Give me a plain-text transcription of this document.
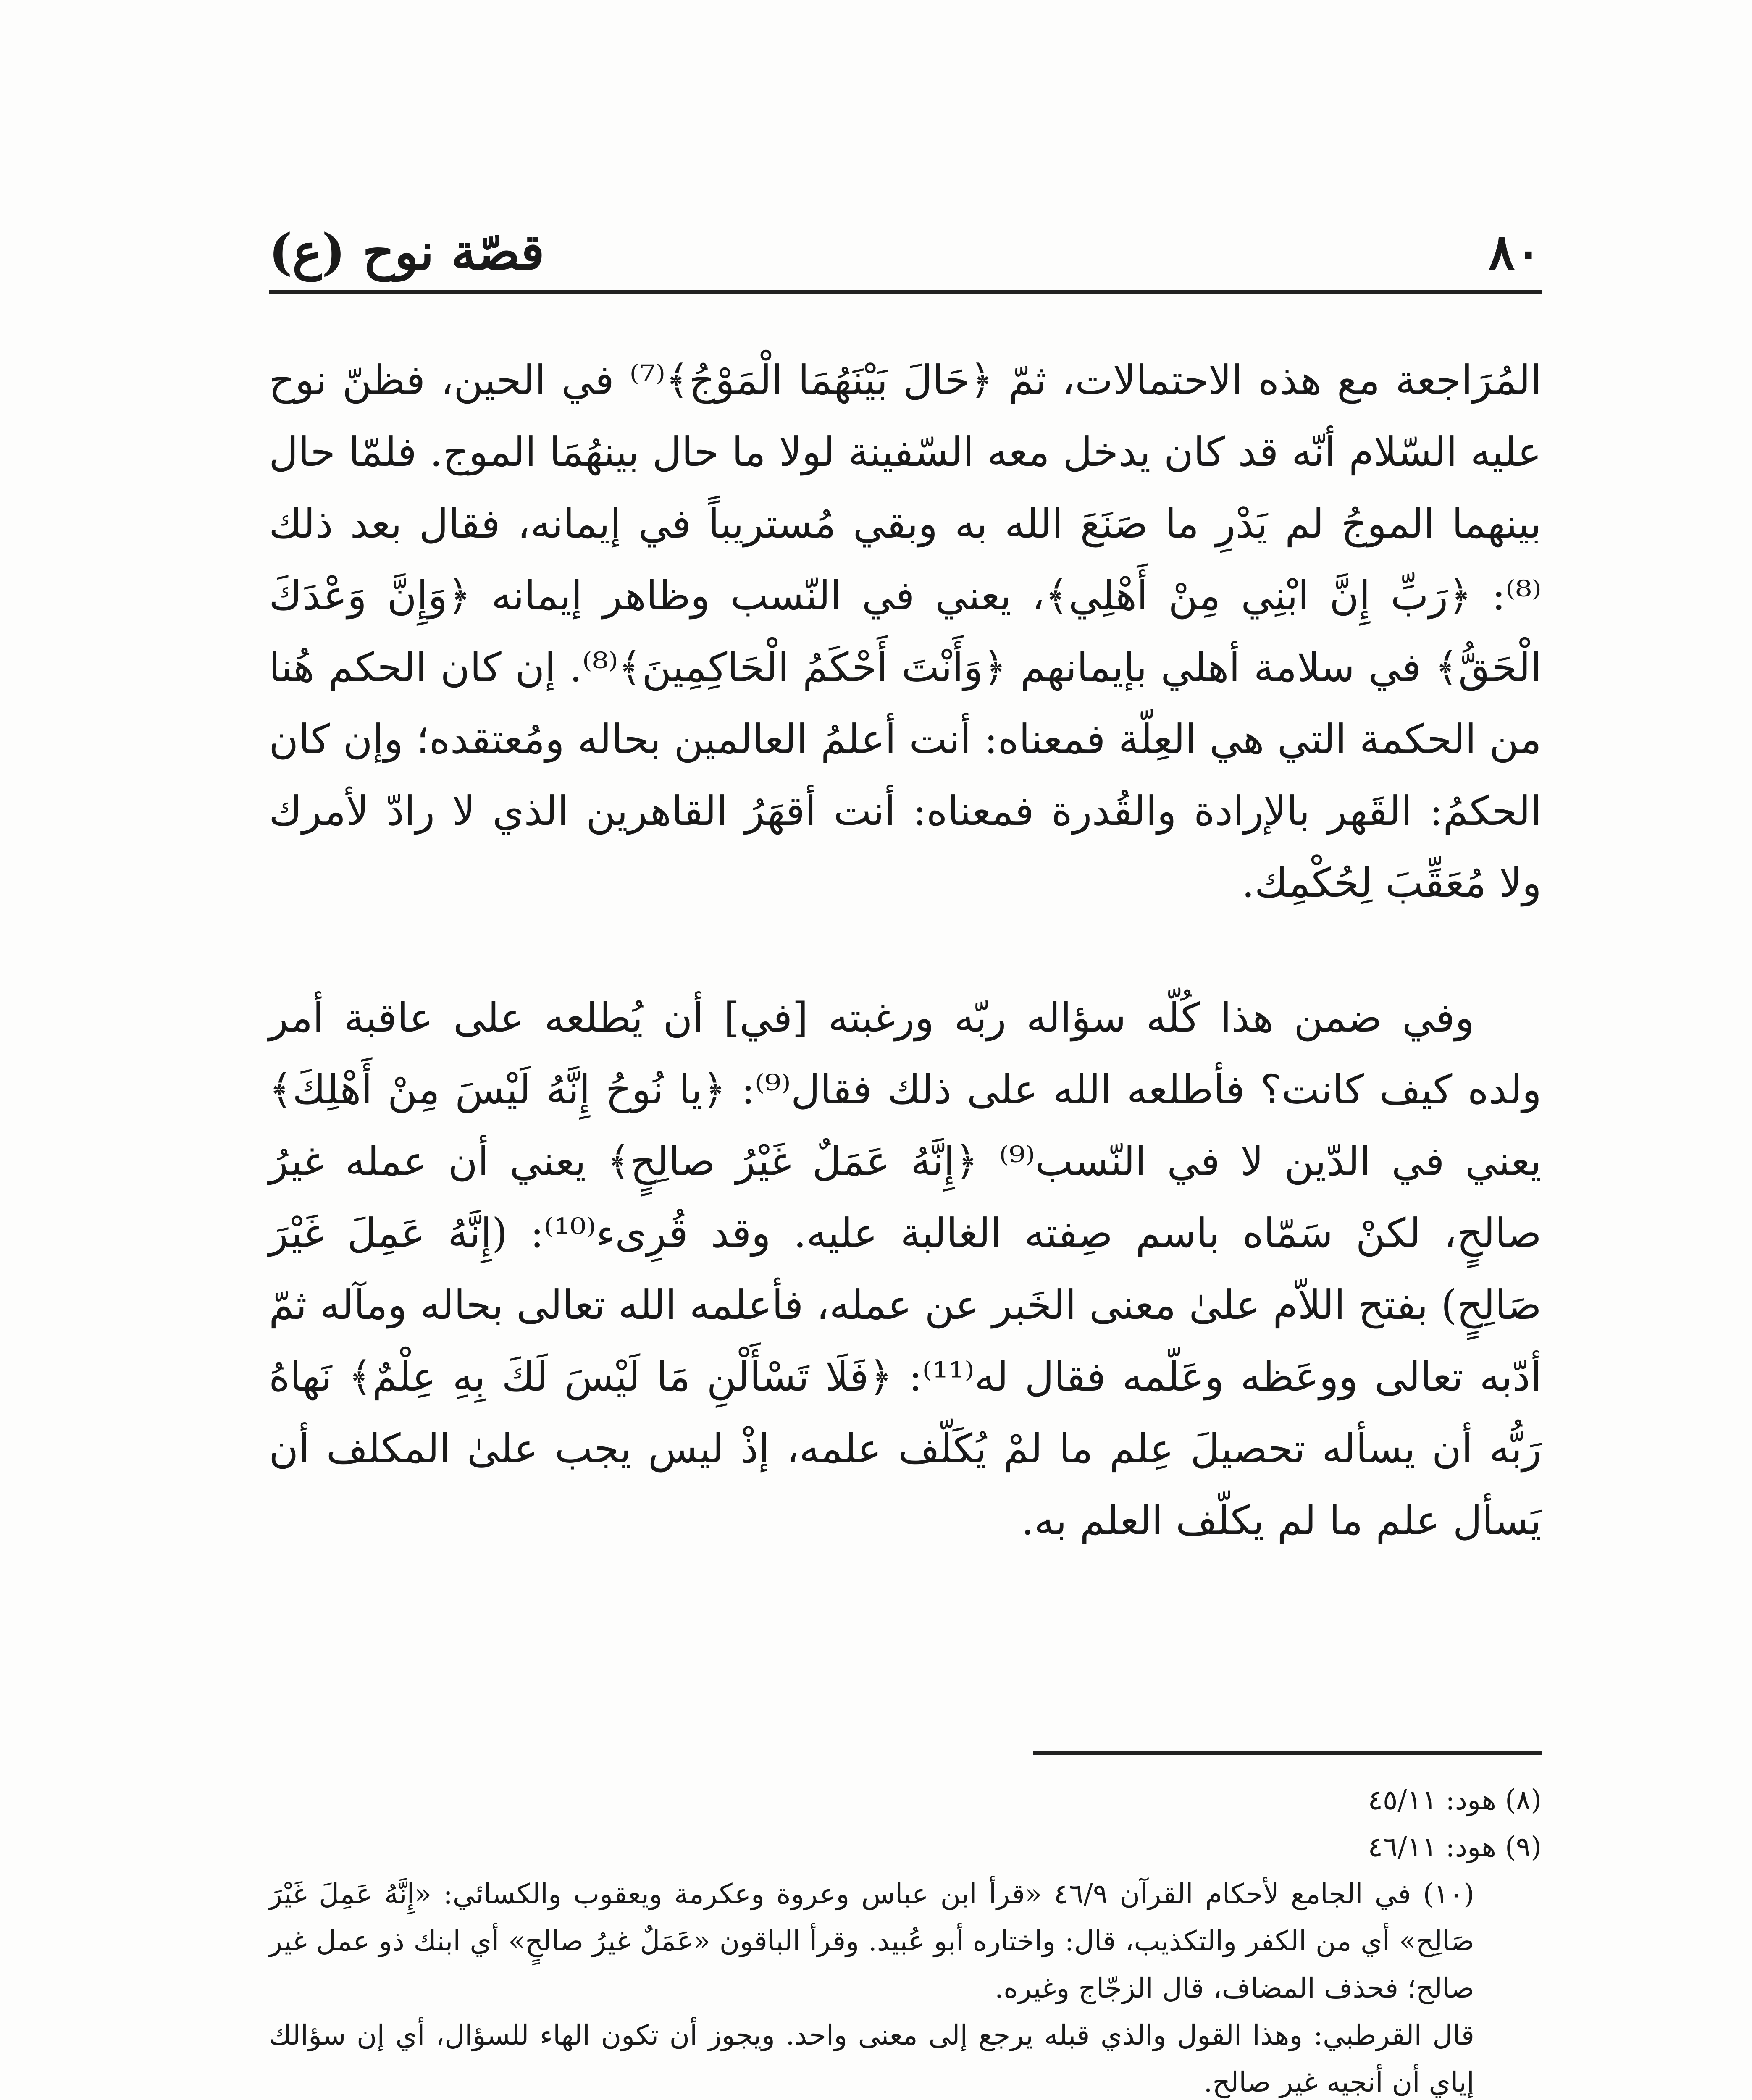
٨٠
قصّة نوح (ع)

المُرَاجعة مع هذه الاحتمالات، ثمّ ﴿حَالَ بَيْنَهُمَا الْمَوْجُ﴾⁽⁷⁾ في الحين، فظنّ نوح عليه السّلام أنّه قد كان يدخل معه السّفينة لولا ما حال بينهُمَا الموج. فلمّا حال بينهما الموجُ لم يَدْرِ ما صَنَعَ الله به وبقي مُستريباً في إيمانه، فقال بعد ذلك ⁽⁸⁾: ﴿رَبِّ إِنَّ ابْنِي مِنْ أَهْلِي﴾، يعني في النّسب وظاهر إيمانه ﴿وَإِنَّ وَعْدَكَ الْحَقُّ﴾ في سلامة أهلي بإيمانهم ﴿وَأَنْتَ أَحْكَمُ الْحَاكِمِينَ﴾⁽⁸⁾. إن كان الحكم هُنا من الحكمة التي هي العِلّة فمعناه: أنت أعلمُ العالمين بحاله ومُعتقده؛ وإن كان الحكمُ: القَهر بالإرادة والقُدرة فمعناه: أنت أقهَرُ القاهرين الذي لا رادّ لأمرك ولا مُعَقِّبَ لِحُكْمِك.

وفي ضمن هذا كُلّه سؤاله ربّه ورغبته [في] أن يُطلعه على عاقبة أمر ولده كيف كانت؟ فأطلعه الله على ذلك فقال⁽⁹⁾: ﴿يا نُوحُ إِنَّهُ لَيْسَ مِنْ أَهْلِكَ﴾ يعني في الدّين لا في النّسب⁽⁹⁾ ﴿إِنَّهُ عَمَلٌ غَيْرُ صالِحٍ﴾ يعني أن عمله غيرُ صالحٍ، لكنْ سَمّاه باسم صِفته الغالبة عليه. وقد قُرِىء⁽¹⁰⁾: (إِنَّهُ عَمِلَ غَيْرَ صَالِحٍ) بفتح اللاّم علىٰ معنى الخَبر عن عمله، فأعلمه الله تعالى بحاله ومآله ثمّ أدّبه تعالى ووعَظه وعَلّمه فقال له⁽¹¹⁾: ﴿فَلَا تَسْأَلْنِ مَا لَيْسَ لَكَ بِهِ عِلْمٌ﴾ نَهاهُ رَبُّه أن يسأله تحصيلَ عِلم ما لمْ يُكَلّف علمه، إذْ ليس يجب علىٰ المكلف أن يَسأل علم ما لم يكلّف العلم به.

(٨) هود: ٤٥/١١

(٩) هود: ٤٦/١١

(١٠) في الجامع لأحكام القرآن ٤٦/٩ «قرأ ابن عباس وعروة وعكرمة ويعقوب والكسائي: «إِنَّهُ عَمِلَ غَيْرَ صَالِح» أي من الكفر والتكذيب، قال: واختاره أبو عُبيد. وقرأ الباقون «عَمَلٌ غيرُ صالحٍ» أي ابنك ذو عمل غير صالح؛ فحذف المضاف، قال الزجّاج وغيره.

قال القرطبي: وهذا القول والذي قبله يرجع إلى معنى واحد. ويجوز أن تكون الهاء للسؤال، أي إن سؤالك إياي أن أنجيه غير صالح.
